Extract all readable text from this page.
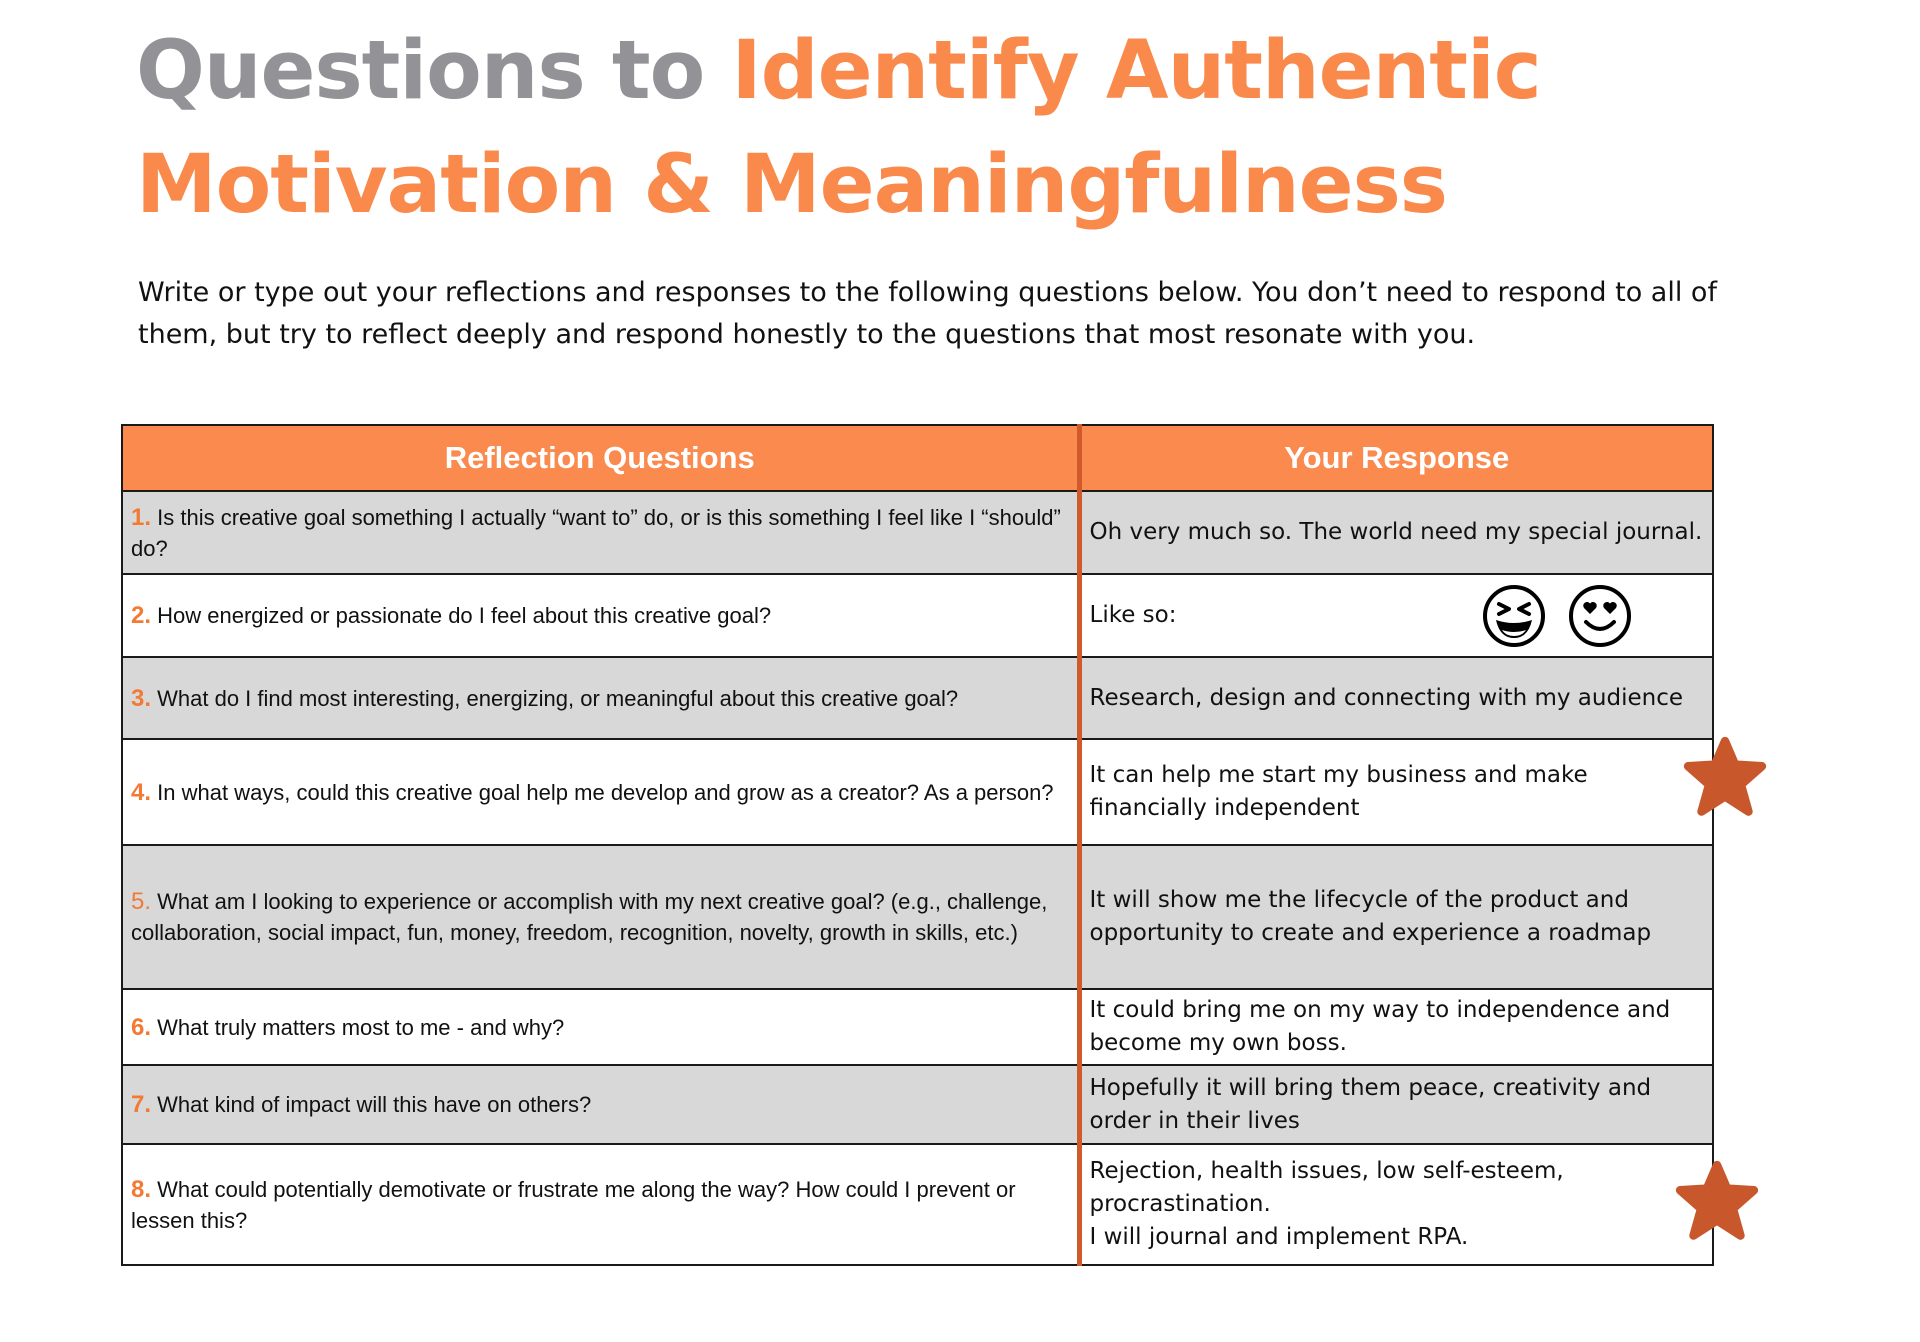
Questions to Identify Authentic
Motivation & Meaningfulness

Write or type out your reflections and responses to the following questions below. You don’t need to respond to all of them, but try to reflect deeply and respond honestly to the questions that most resonate with you.

Reflection Questions	Your Response
1. Is this creative goal something I actually “want to” do, or is this something I feel like I “should” do?	Oh very much so. The world need my special journal.
2. How energized or passionate do I feel about this creative goal?	Like so:

3. What do I find most interesting, energizing, or meaningful about this creative goal?	Research, design and connecting with my audience
4. In what ways, could this creative goal help me develop and grow as a creator? As a person?	It can help me start my business and make financially independent
5. What am I looking to experience or accomplish with my next creative goal? (e.g., challenge, collaboration, social impact, fun, money, freedom, recognition, novelty, growth in skills, etc.)	It will show me the lifecycle of the product and opportunity to create and experience a roadmap
6. What truly matters most to me - and why?	It could bring me on my way to independence and become my own boss.
7. What kind of impact will this have on others?	Hopefully it will bring them peace, creativity and order in their lives
8. What could potentially demotivate or frustrate me along the way? How could I prevent or lessen this?	Rejection, health issues, low self-esteem, procrastination.
I will journal and implement RPA.
